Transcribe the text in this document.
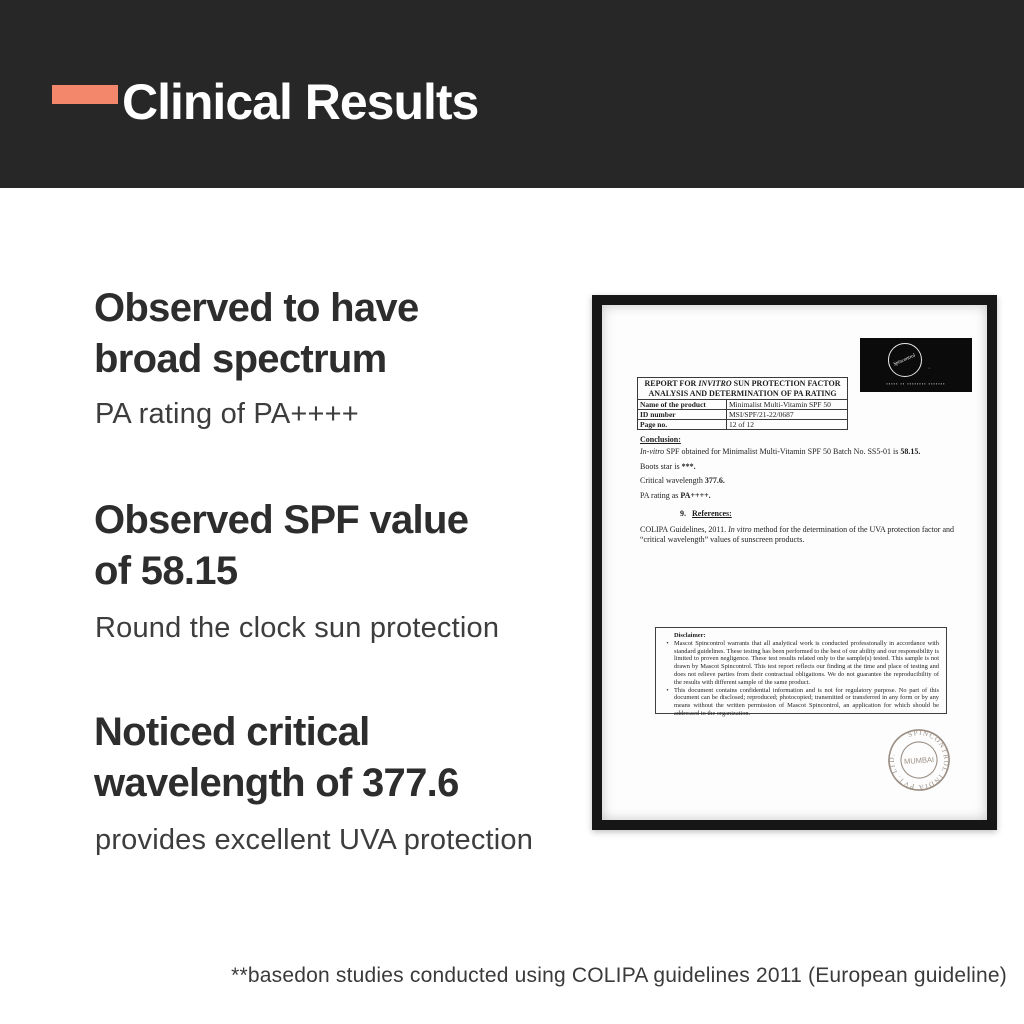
Clinical Results
Observed to have
broad spectrum
PA rating of PA++++
Observed SPF value
of 58.15
Round the clock sun protection
Noticed critical
wavelength of 377.6
provides excellent UVA protection
Spincontrol
ʾ
▪▪▪▪▪ ▪▪ ▪▪▪▪▪▪▪▪ ▪▪▪▪▪▪▪
REPORT FOR INVITRO SUN PROTECTION FACTOR ANALYSIS AND DETERMINATION OF PA RATING	
Name of the product	Minimalist Multi-Vitamin SPF 50
ID number	MSI/SPF/21-22/0687
Page no.	12 of 12
Conclusion:

In-vitro SPF obtained for Minimalist Multi-Vitamin SPF 50 Batch No. SS5-01 is 58.15.

Boots star is ***.

Critical wavelength 377.6.

PA rating as PA++++.

9. References:

COLIPA Guidelines, 2011. In vitro method for the determination of the UVA protection factor and “critical wavelength” values of sunscreen products.

Disclaimer:
• Mascot Spincontrol warrants that all analytical work is conducted professionally in accordance with standard guidelines. These testing has been performed to the best of our ability and our responsibility is limited to proven negligence. These test results related only to the sample(s) tested. This sample is not drawn by Mascot Spincontrol. This test report reflects our finding at the time and place of testing and does not relieve parties from their contractual obligations. We do not guarantee the reproducibility of the results with different sample of the same product.
• This document contains confidential information and is not for regulatory purpose. No part of this document can be disclosed; reproduced; photocopied; transmitted or transferred in any form or by any means without the written permission of Mascot Spincontrol, an application for which should be addressed to the organization.
SPINCONTROL INDIA PVT. LTD.
MUMBAI
**basedon studies conducted using COLIPA guidelines 2011 (European guideline)
